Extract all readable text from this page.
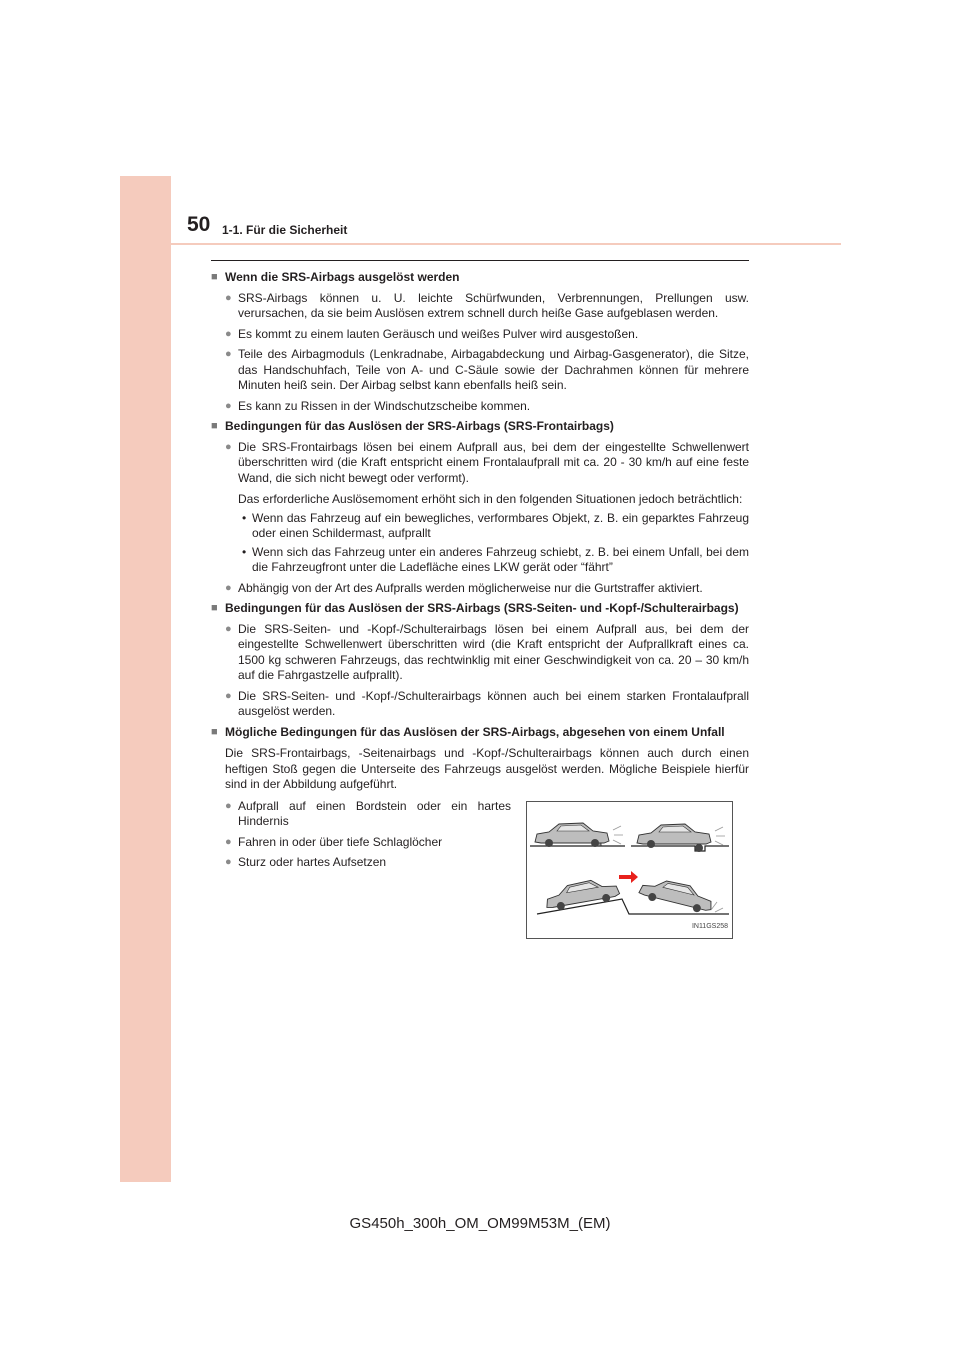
50 1-1. Für die Sicherheit
■ Wenn die SRS-Airbags ausgelöst werden
● SRS-Airbags können u. U. leichte Schürfwunden, Verbrennungen, Prellungen usw. verursachen, da sie beim Auslösen extrem schnell durch heiße Gase aufgeblasen werden.
● Es kommt zu einem lauten Geräusch und weißes Pulver wird ausgestoßen.
● Teile des Airbagmoduls (Lenkradnabe, Airbagabdeckung und Airbag-Gasgenerator), die Sitze, das Handschuhfach, Teile von A- und C-Säule sowie der Dachrahmen können für mehrere Minuten heiß sein. Der Airbag selbst kann ebenfalls heiß sein.
● Es kann zu Rissen in der Windschutzscheibe kommen.
■ Bedingungen für das Auslösen der SRS-Airbags (SRS-Frontairbags)
● Die SRS-Frontairbags lösen bei einem Aufprall aus, bei dem der eingestellte Schwellenwert überschritten wird (die Kraft entspricht einem Frontalaufprall mit ca. 20 - 30 km/h auf eine feste Wand, die sich nicht bewegt oder verformt).
Das erforderliche Auslösemoment erhöht sich in den folgenden Situationen jedoch beträchtlich:
• Wenn das Fahrzeug auf ein bewegliches, verformbares Objekt, z. B. ein geparktes Fahrzeug oder einen Schildermast, aufprallt
• Wenn sich das Fahrzeug unter ein anderes Fahrzeug schiebt, z. B. bei einem Unfall, bei dem die Fahrzeugfront unter die Ladefläche eines LKW gerät oder “fährt”
● Abhängig von der Art des Aufpralls werden möglicherweise nur die Gurtstraffer aktiviert.
■ Bedingungen für das Auslösen der SRS-Airbags (SRS-Seiten- und -Kopf-/Schulterairbags)
● Die SRS-Seiten- und -Kopf-/Schulterairbags lösen bei einem Aufprall aus, bei dem der eingestellte Schwellenwert überschritten wird (die Kraft entspricht der Aufprallkraft eines ca. 1500 kg schweren Fahrzeugs, das rechtwinklig mit einer Geschwindigkeit von ca. 20 – 30 km/h auf die Fahrgastzelle aufprallt).
● Die SRS-Seiten- und -Kopf-/Schulterairbags können auch bei einem starken Frontalaufprall ausgelöst werden.
■ Mögliche Bedingungen für das Auslösen der SRS-Airbags, abgesehen von einem Unfall
Die SRS-Frontairbags, -Seitenairbags und -Kopf-/Schulterairbags können auch durch einen heftigen Stoß gegen die Unterseite des Fahrzeugs ausgelöst werden. Mögliche Beispiele hierfür sind in der Abbildung aufgeführt.
● Aufprall auf einen Bordstein oder ein hartes Hindernis
● Fahren in oder über tiefe Schlaglöcher
● Sturz oder hartes Aufsetzen
IN11GS258
GS450h_300h_OM_OM99M53M_(EM)
